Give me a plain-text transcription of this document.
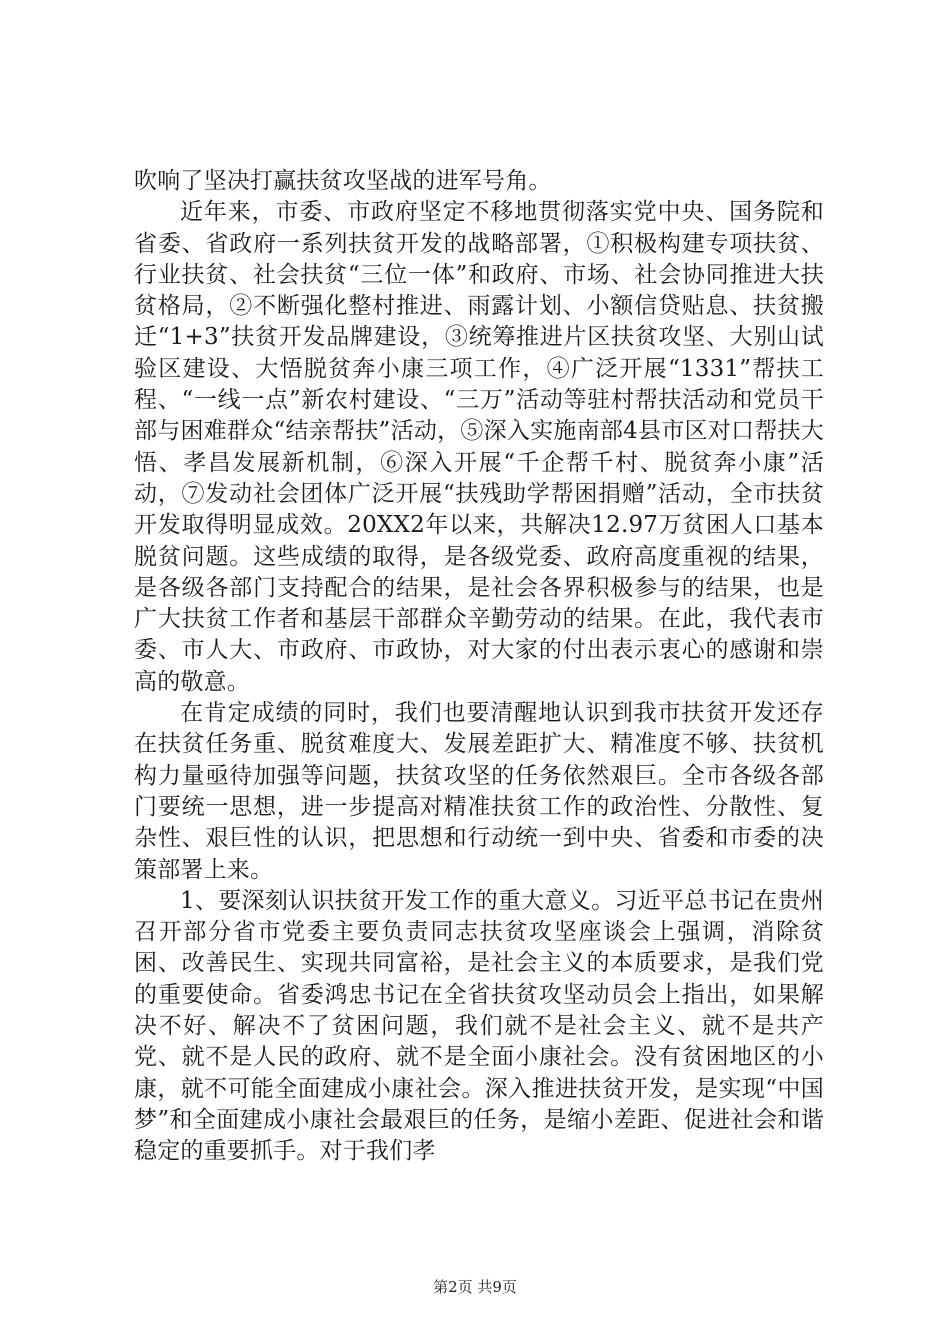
吹响了坚决打赢扶贫攻坚战的进军号角。

近年来，市委、市政府坚定不移地贯彻落实党中央、国务院和省委、省政府一系列扶贫开发的战略部署，①积极构建专项扶贫、行业扶贫、社会扶贫“三位一体”和政府、市场、社会协同推进大扶贫格局，②不断强化整村推进、雨露计划、小额信贷贴息、扶贫搬迁“1+3”扶贫开发品牌建设，③统筹推进片区扶贫攻坚、大别山试验区建设、大悟脱贫奔小康三项工作，④广泛开展“1331”帮扶工程、“一线一点”新农村建设、“三万”活动等驻村帮扶活动和党员干部与困难群众“结亲帮扶”活动，⑤深入实施南部4县市区对口帮扶大悟、孝昌发展新机制，⑥深入开展“千企帮千村、脱贫奔小康”活动，⑦发动社会团体广泛开展“扶残助学帮困捐赠”活动，全市扶贫开发取得明显成效。20XX2年以来，共解决12.97万贫困人口基本脱贫问题。这些成绩的取得，是各级党委、政府高度重视的结果，是各级各部门支持配合的结果，是社会各界积极参与的结果，也是广大扶贫工作者和基层干部群众辛勤劳动的结果。在此，我代表市委、市人大、市政府、市政协，对大家的付出表示衷心的感谢和崇高的敬意。

在肯定成绩的同时，我们也要清醒地认识到我市扶贫开发还存在扶贫任务重、脱贫难度大、发展差距扩大、精准度不够、扶贫机构力量亟待加强等问题，扶贫攻坚的任务依然艰巨。全市各级各部门要统一思想，进一步提高对精准扶贫工作的政治性、分散性、复杂性、艰巨性的认识，把思想和行动统一到中央、省委和市委的决策部署上来。

1、要深刻认识扶贫开发工作的重大意义。习近平总书记在贵州召开部分省市党委主要负责同志扶贫攻坚座谈会上强调，消除贫困、改善民生、实现共同富裕，是社会主义的本质要求，是我们党的重要使命。省委鸿忠书记在全省扶贫攻坚动员会上指出，如果解决不好、解决不了贫困问题，我们就不是社会主义、就不是共产党、就不是人民的政府、就不是全面小康社会。没有贫困地区的小康，就不可能全面建成小康社会。深入推进扶贫开发，是实现“中国梦”和全面建成小康社会最艰巨的任务，是缩小差距、促进社会和谐稳定的重要抓手。对于我们孝

第2页 共9页
